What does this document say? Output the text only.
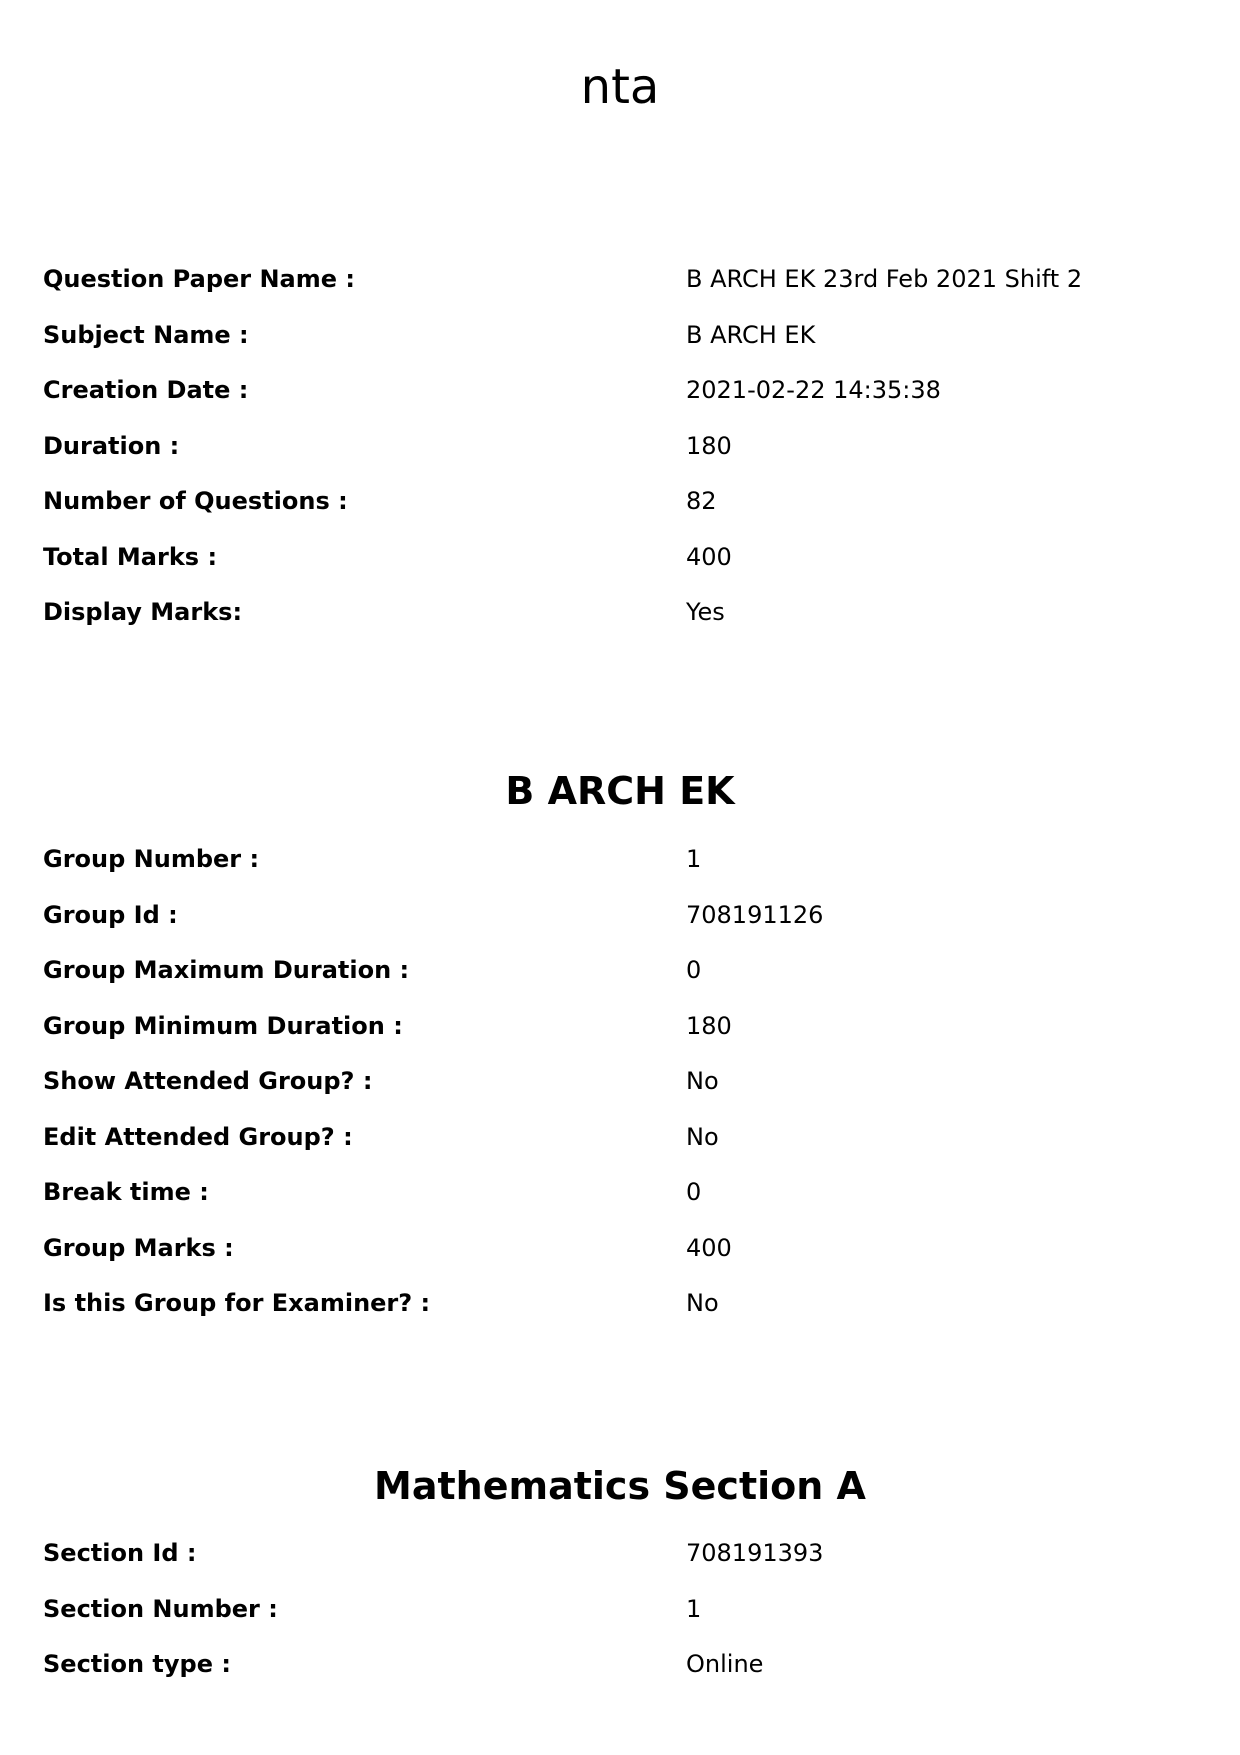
nta
Question Paper Name :	B ARCH EK 23rd Feb 2021 Shift 2
Subject Name :	B ARCH EK
Creation Date :	2021-02-22 14:35:38
Duration :	180
Number of Questions :	82
Total Marks :	400
Display Marks:	Yes
B ARCH EK
Group Number :	1
Group Id :	708191126
Group Maximum Duration :	0
Group Minimum Duration :	180
Show Attended Group? :	No
Edit Attended Group? :	No
Break time :	0
Group Marks :	400
Is this Group for Examiner? :	No
Mathematics Section A
Section Id :	708191393
Section Number :	1
Section type :	Online
